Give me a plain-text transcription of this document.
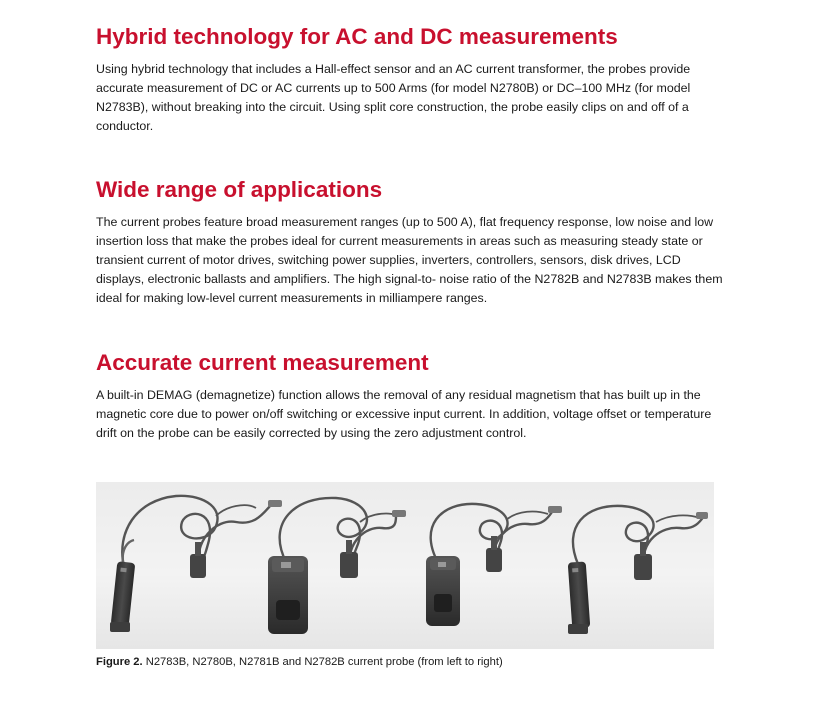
Hybrid technology for AC and DC measurements

Using hybrid technology that includes a Hall-effect sensor and an AC current transformer, the probes provide accurate measurement of DC or AC currents up to 500 Arms (for model N2780B) or DC–100 MHz (for model N2783B), without breaking into the circuit. Using split core construction, the probe easily clips on and off of a conductor.

Wide range of applications

The current probes feature broad measurement ranges (up to 500 A), flat frequency response, low noise and low insertion loss that make the probes ideal for current measurements in areas such as measuring steady state or transient current of motor drives, switching power supplies, inverters, controllers, sensors, disk drives, LCD displays, electronic ballasts and amplifiers. The high signal-to- noise ratio of the N2782B and N2783B makes them ideal for making low-level current measurements in milliampere ranges.

Accurate current measurement

A built-in DEMAG (demagnetize) function allows the removal of any residual magnetism that has built up in the magnetic core due to power on/off switching or excessive input current. In addition, voltage offset or temperature drift on the probe can be easily corrected by using the zero adjustment control.

Figure 2. N2783B, N2780B, N2781B and N2782B current probe (from left to right)
